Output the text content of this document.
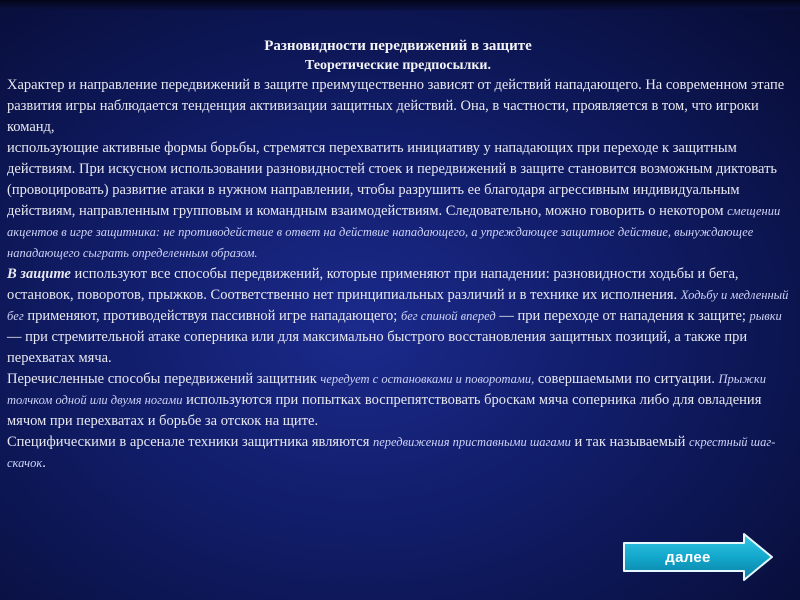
Разновидности передвижений в защите
Теоретические предпосылки.

Характер и направление передвижений в защите преимущественно зависят от действий нападающего. На современном этапе развития игры наблюдается тенденция активизации защитных действий. Она, в частности, проявляется в том, что игроки команд,
использующие активные формы борьбы, стремятся перехватить инициативу у нападающих при переходе к защитным действиям. При искусном использовании разновидностей стоек и передвижений в защите становится возможным диктовать (провоцировать) развитие атаки в нужном направлении, чтобы разрушить ее благодаря агрессивным индивидуальным действиям, направленным групповым и командным взаимодействиям. Следовательно, можно говорить о некотором смещении акцентов в игре защитника: не противодействие в ответ на действие нападающего, а упреждающее защитное действие, вынуждающее нападающего сыграть определенным образом.

В защите используют все способы передвижений, которые применяют при нападении: разновидности ходьбы и бега, остановок, поворотов, прыжков. Соответственно нет принципиальных различий и в технике их исполнения. Ходьбу и медленный бег применяют, противодействуя пассивной игре нападающего; бег спиной вперед — при переходе от нападения к защите; рывки — при стремительной атаке соперника или для максимально быстрого восстановления защитных позиций, а также при перехватах мяча.

Перечисленные способы передвижений защитник чередует с остановками и поворотами, совершаемыми по ситуации. Прыжки толчком одной или двумя ногами используются при попытках воспрепятствовать броскам мяча соперника либо для овладения мячом при перехватах и борьбе за отскок на щите.

Специфическими в арсенале техники защитника являются передвижения приставными шагами и так называемый скрестный шаг-скачок.

далее
